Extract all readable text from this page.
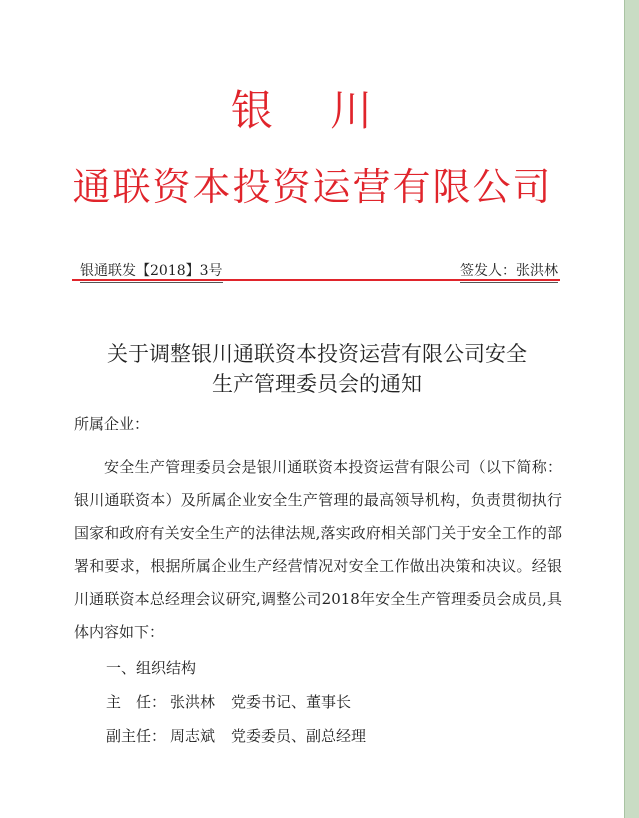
银 川
通联资本投资运营有限公司
银通联发【2018】3号	签发人：张洪林
关于调整银川通联资本投资运营有限公司安全
生产管理委员会的通知
所属企业：
安全生产管理委员会是银川通联资本投资运营有限公司（以下简称：银川通联资本）及所属企业安全生产管理的最高领导机构，负责贯彻执行国家和政府有关安全生产的法律法规,落实政府相关部门关于安全工作的部署和要求，根据所属企业生产经营情况对安全工作做出决策和决议。经银川通联资本总经理会议研究,调整公司2018年安全生产管理委员会成员,具体内容如下：
一、组织结构
主　任： 张洪林 党委书记、董事长
副主任： 周志斌 党委委员、副总经理
